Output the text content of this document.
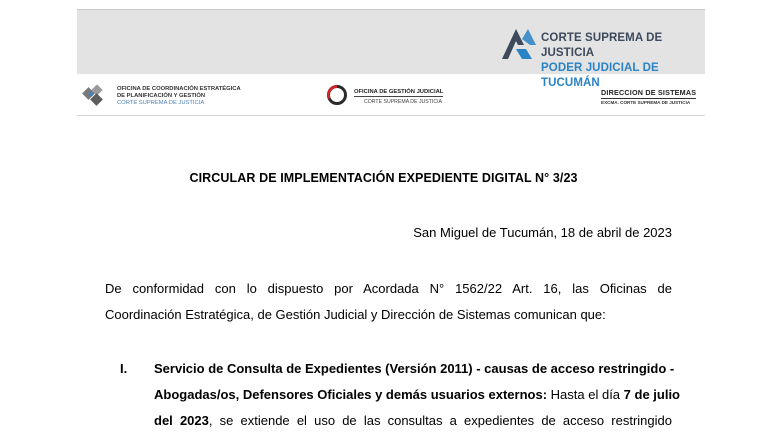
CORTE SUPREMA DE JUSTICIA
PODER JUDICIAL DE TUCUMÁN
OFICINA DE COORDINACIÓN ESTRATÉGICA
DE PLANIFICACIÓN Y GESTIÓN
CORTE SUPREMA DE JUSTICIA
OFICINA DE GESTIÓN JUDICIAL
CORTE SUPREMA DE JUSTICIA
DIRECCION DE SISTEMAS
EXCMA. CORTE SUPREMA DE JUSTICIA
CIRCULAR DE IMPLEMENTACIÓN EXPEDIENTE DIGITAL N° 3/23
San Miguel de Tucumán, 18 de abril de 2023
De conformidad con lo dispuesto por Acordada N° 1562/22 Art. 16, las Oficinas de
Coordinación Estratégica, de Gestión Judicial y Dirección de Sistemas comunican que:
I. Servicio de Consulta de Expedientes (Versión 2011) - causas de acceso restringido -
Abogadas/os, Defensores Oficiales y demás usuarios externos: Hasta el día 7 de julio
del 2023, se extiende el uso de las consultas a expedientes de acceso restringido
